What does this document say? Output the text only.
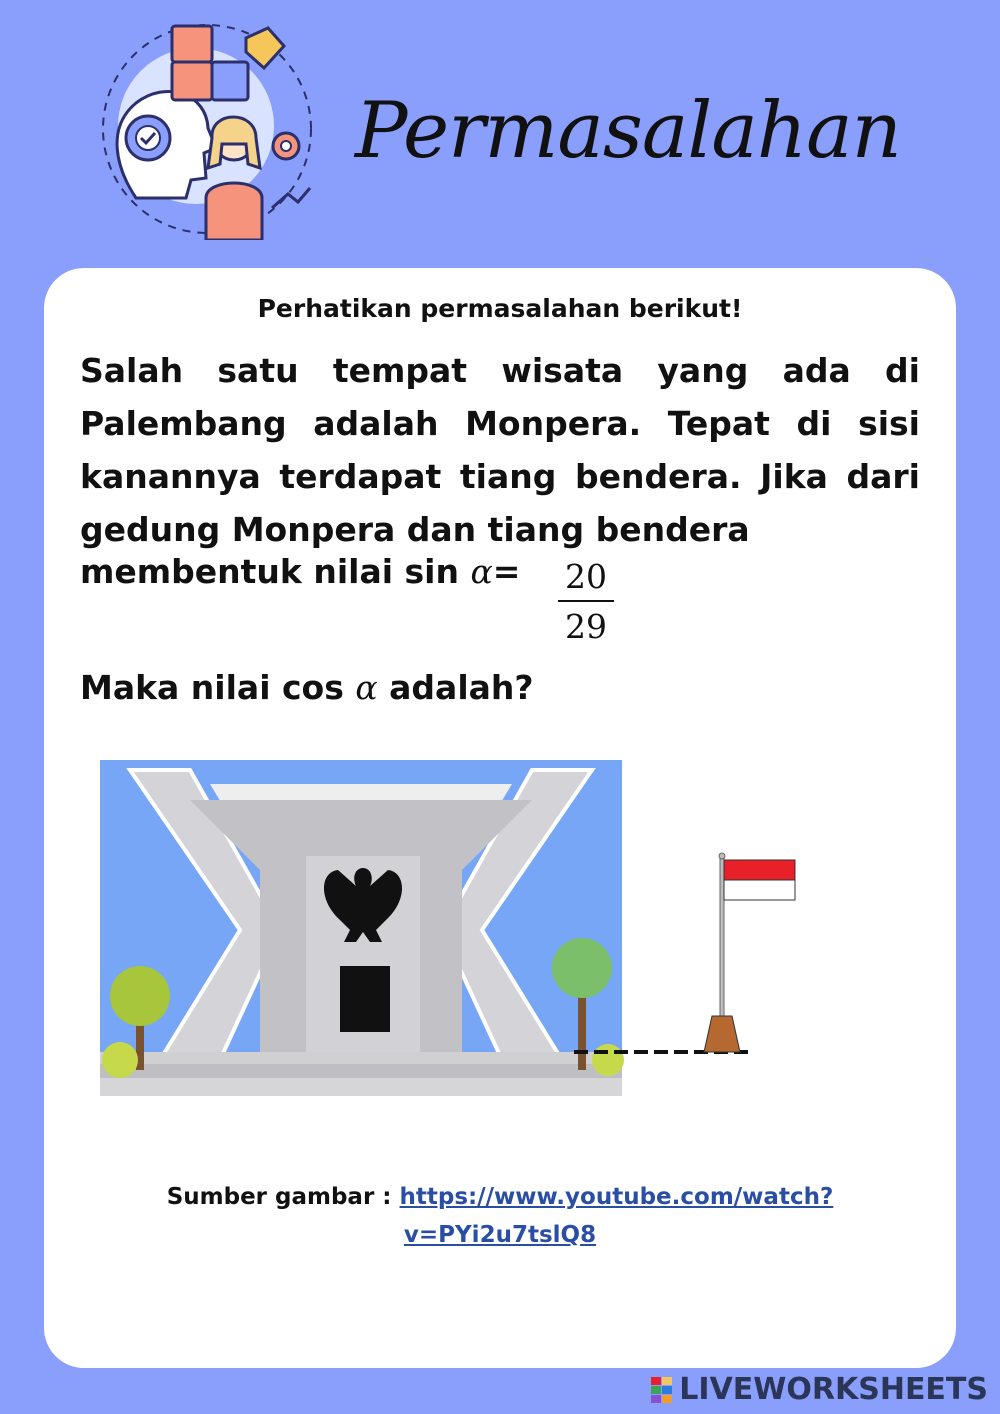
Permasalahan
Perhatikan permasalahan berikut!
Salah satu tempat wisata yang ada di Palembang adalah Monpera. Tepat di sisi kanannya terdapat tiang bendera. Jika dari gedung Monpera dan tiang bendera
membentuk nilai sin α= 20
29
Maka nilai cos α adalah?
Sumber gambar : https://www.youtube.com/watch?
v=PYi2u7tslQ8
LIVEWORKSHEETS
